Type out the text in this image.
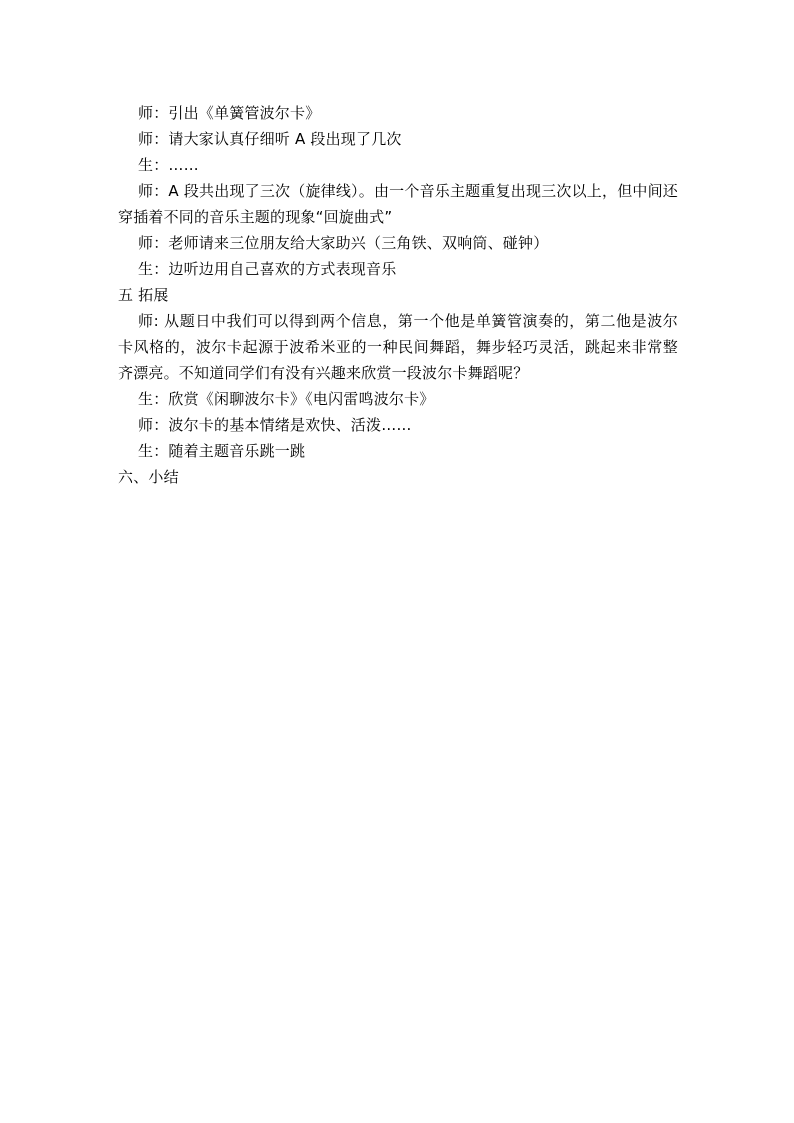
师：引出《单簧管波尔卡》

师：请大家认真仔细听 A 段出现了几次

生：……

师：A 段共出现了三次（旋律线）。由一个音乐主题重复出现三次以上，但中间还穿插着不同的音乐主题的现象“回旋曲式”

师：老师请来三位朋友给大家助兴（三角铁、双响筒、碰钟）

生：边听边用自己喜欢的方式表现音乐

五 拓展

师: 从题日中我们可以得到两个信息，第一个他是单簧管演奏的，第二他是波尔卡风格的，波尔卡起源于波希米亚的一种民间舞蹈，舞步轻巧灵活，跳起来非常整齐漂亮。不知道同学们有没有兴趣来欣赏一段波尔卡舞蹈呢？

生：欣赏《闲聊波尔卡》《电闪雷鸣波尔卡》

师：波尔卡的基本情绪是欢快、活泼……

生：随着主题音乐跳一跳

六、小结
